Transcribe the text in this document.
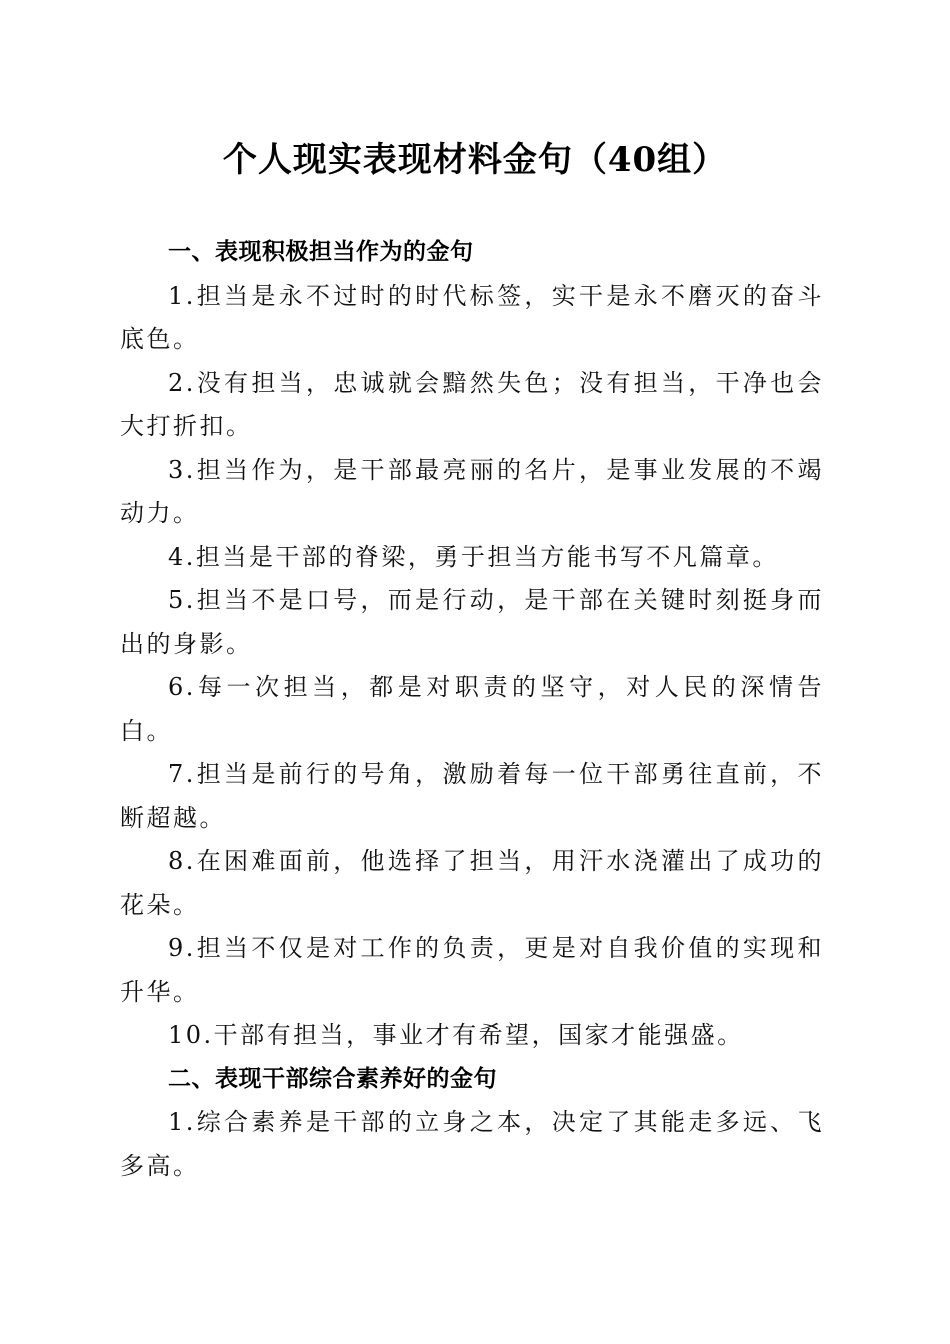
个人现实表现材料金句（40组）

一、表现积极担当作为的金句

1.担当是永不过时的时代标签，实干是永不磨灭的奋斗底色。

2.没有担当，忠诚就会黯然失色；没有担当，干净也会大打折扣。

3.担当作为，是干部最亮丽的名片，是事业发展的不竭动力。

4.担当是干部的脊梁，勇于担当方能书写不凡篇章。

5.担当不是口号，而是行动，是干部在关键时刻挺身而出的身影。

6.每一次担当，都是对职责的坚守，对人民的深情告白。

7.担当是前行的号角，激励着每一位干部勇往直前，不断超越。

8.在困难面前，他选择了担当，用汗水浇灌出了成功的花朵。

9.担当不仅是对工作的负责，更是对自我价值的实现和升华。

10.干部有担当，事业才有希望，国家才能强盛。

二、表现干部综合素养好的金句

1.综合素养是干部的立身之本，决定了其能走多远、飞多高。
